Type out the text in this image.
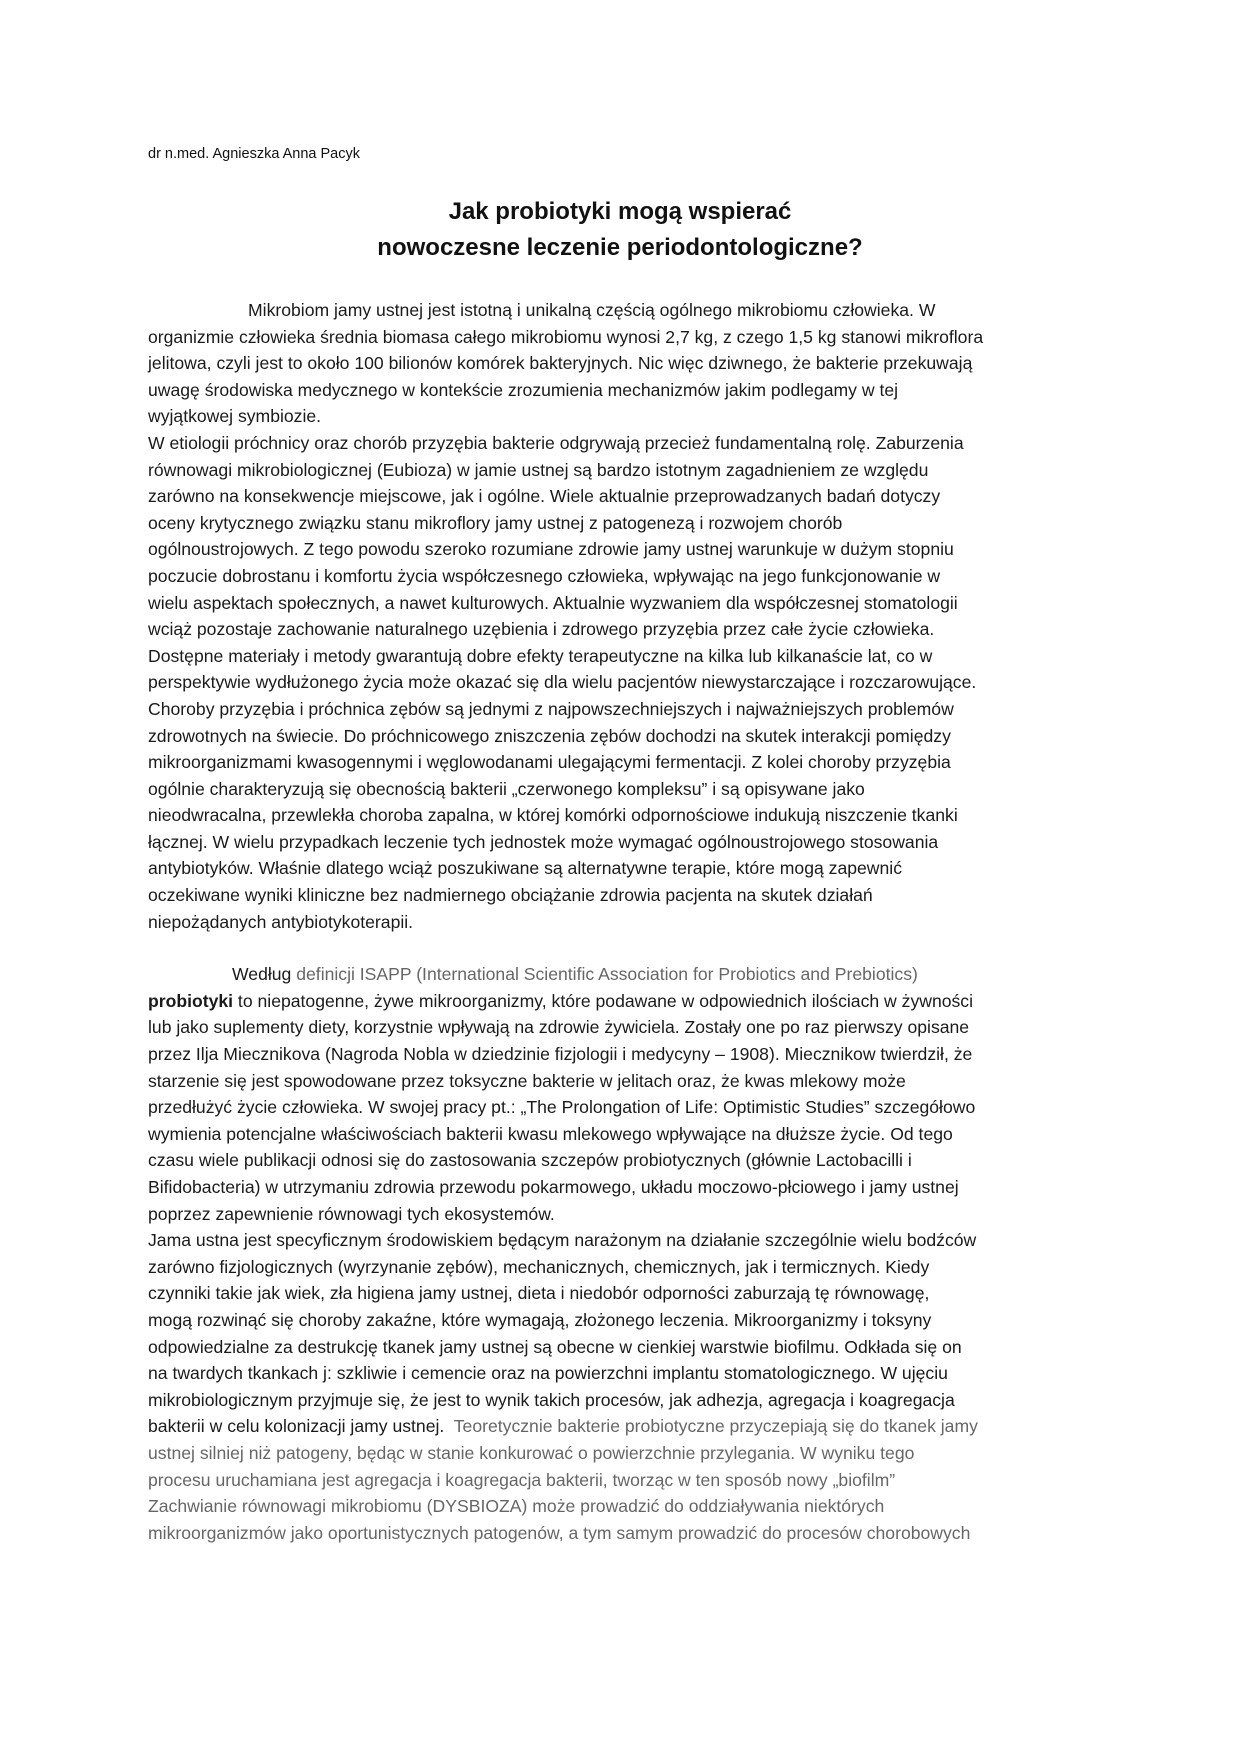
dr n.med. Agnieszka Anna Pacyk
Jak probiotyki mogą wspierać
nowoczesne leczenie periodontologiczne?
Mikrobiom jamy ustnej jest istotną i unikalną częścią ogólnego mikrobiomu człowieka. W
organizmie człowieka średnia biomasa całego mikrobiomu wynosi 2,7 kg, z czego 1,5 kg stanowi mikroflora
jelitowa, czyli jest to około 100 bilionów komórek bakteryjnych. Nic więc dziwnego, że bakterie przekuwają
uwagę środowiska medycznego w kontekście zrozumienia mechanizmów jakim podlegamy w tej
wyjątkowej symbiozie.
W etiologii próchnicy oraz chorób przyzębia bakterie odgrywają przecież fundamentalną rolę. Zaburzenia
równowagi mikrobiologicznej (Eubioza) w jamie ustnej są bardzo istotnym zagadnieniem ze względu
zarówno na konsekwencje miejscowe, jak i ogólne. Wiele aktualnie przeprowadzanych badań dotyczy
oceny krytycznego związku stanu mikroflory jamy ustnej z patogenezą i rozwojem chorób
ogólnoustrojowych. Z tego powodu szeroko rozumiane zdrowie jamy ustnej warunkuje w dużym stopniu
poczucie dobrostanu i komfortu życia współczesnego człowieka, wpływając na jego funkcjonowanie w
wielu aspektach społecznych, a nawet kulturowych. Aktualnie wyzwaniem dla współczesnej stomatologii
wciąż pozostaje zachowanie naturalnego uzębienia i zdrowego przyzębia przez całe życie człowieka.
Dostępne materiały i metody gwarantują dobre efekty terapeutyczne na kilka lub kilkanaście lat, co w
perspektywie wydłużonego życia może okazać się dla wielu pacjentów niewystarczające i rozczarowujące.
Choroby przyzębia i próchnica zębów są jednymi z najpowszechniejszych i najważniejszych problemów
zdrowotnych na świecie. Do próchnicowego zniszczenia zębów dochodzi na skutek interakcji pomiędzy
mikroorganizmami kwasogennymi i węglowodanami ulegającymi fermentacji. Z kolei choroby przyzębia
ogólnie charakteryzują się obecnością bakterii „czerwonego kompleksu” i są opisywane jako
nieodwracalna, przewlekła choroba zapalna, w której komórki odpornościowe indukują niszczenie tkanki
łącznej. W wielu przypadkach leczenie tych jednostek może wymagać ogólnoustrojowego stosowania
antybiotyków. Właśnie dlatego wciąż poszukiwane są alternatywne terapie, które mogą zapewnić
oczekiwane wyniki kliniczne bez nadmiernego obciążanie zdrowia pacjenta na skutek działań
niepożądanych antybiotykoterapii.
Według definicji ISAPP (International Scientific Association for Probiotics and Prebiotics)
probiotyki to niepatogenne, żywe mikroorganizmy, które podawane w odpowiednich ilościach w żywności
lub jako suplementy diety, korzystnie wpływają na zdrowie żywiciela. Zostały one po raz pierwszy opisane
przez Ilja Miecznikova (Nagroda Nobla w dziedzinie fizjologii i medycyny – 1908). Miecznikow twierdził, że
starzenie się jest spowodowane przez toksyczne bakterie w jelitach oraz, że kwas mlekowy może
przedłużyć życie człowieka. W swojej pracy pt.: „The Prolongation of Life: Optimistic Studies” szczegółowo
wymienia potencjalne właściwościach bakterii kwasu mlekowego wpływające na dłuższe życie. Od tego
czasu wiele publikacji odnosi się do zastosowania szczepów probiotycznych (głównie Lactobacilli i
Bifidobacteria) w utrzymaniu zdrowia przewodu pokarmowego, układu moczowo-płciowego i jamy ustnej
poprzez zapewnienie równowagi tych ekosystemów.
Jama ustna jest specyficznym środowiskiem będącym narażonym na działanie szczególnie wielu bodźców
zarówno fizjologicznych (wyrzynanie zębów), mechanicznych, chemicznych, jak i termicznych. Kiedy
czynniki takie jak wiek, zła higiena jamy ustnej, dieta i niedobór odporności zaburzają tę równowagę,
mogą rozwinąć się choroby zakaźne, które wymagają, złożonego leczenia. Mikroorganizmy i toksyny
odpowiedzialne za destrukcję tkanek jamy ustnej są obecne w cienkiej warstwie biofilmu. Odkłada się on
na twardych tkankach j: szkliwie i cemencie oraz na powierzchni implantu stomatologicznego. W ujęciu
mikrobiologicznym przyjmuje się, że jest to wynik takich procesów, jak adhezja, agregacja i koagregacja
bakterii w celu kolonizacji jamy ustnej.  Teoretycznie bakterie probiotyczne przyczepiają się do tkanek jamy
ustnej silniej niż patogeny, będąc w stanie konkurować o powierzchnie przylegania. W wyniku tego
procesu uruchamiana jest agregacja i koagregacja bakterii, tworząc w ten sposób nowy „biofilm”
Zachwianie równowagi mikrobiomu (DYSBIOZA) może prowadzić do oddziaływania niektórych
mikroorganizmów jako oportunistycznych patogenów, a tym samym prowadzić do procesów chorobowych
